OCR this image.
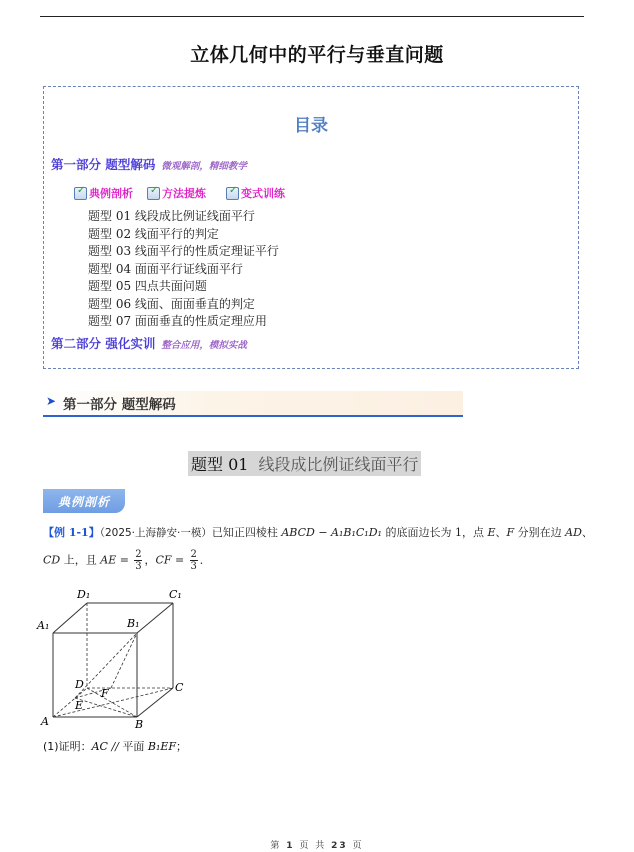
立体几何中的平行与垂直问题
目录
第一部分 题型解码 微观解剖，精细教学
✓
典例剖析 ✓	方法提炼 ✓	变式训练
题型 01 线段成比例证线面平行
题型 02 线面平行的判定
题型 03 线面平行的性质定理证平行
题型 04 面面平行证线面平行
题型 05 四点共面问题
题型 06 线面、面面垂直的判定
题型 07 面面垂直的性质定理应用
第二部分 强化实训 整合应用，模拟实战
➤ 第一部分 题型解码
题型 01 线段成比例证线面平行
典例剖析
【例 1-1】（2025·上海静安·一模）已知正四棱柱 ABCD − A₁B₁C₁D₁ 的底面边长为 1，点 E、F 分别在边 AD、
CD 上，且 AE = $\frac{2}{3}$ ，CF = $\frac{2}{3}$ ．
D₁	C₁
A₁	B₁
D	C
F
E
A	B
(1)证明：AC // 平面 B₁EF；
第 1 页 共 23 页
